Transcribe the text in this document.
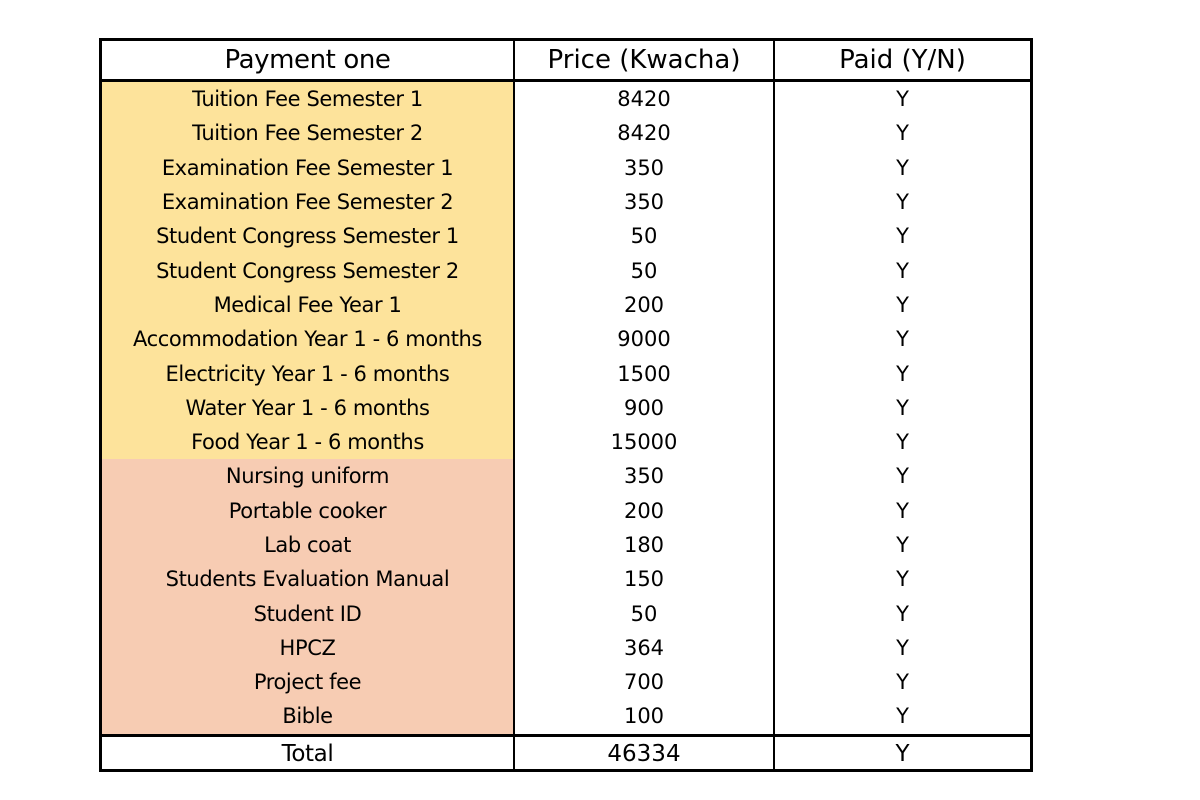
Payment one	Price (Kwacha)	Paid (Y/N)
Tuition Fee Semester 1	8420	Y
Tuition Fee Semester 2	8420	Y
Examination Fee Semester 1	350	Y
Examination Fee Semester 2	350	Y
Student Congress Semester 1	50	Y
Student Congress Semester 2	50	Y
Medical Fee Year 1	200	Y
Accommodation Year 1 - 6 months	9000	Y
Electricity Year 1 - 6 months	1500	Y
Water Year 1 - 6 months	900	Y
Food Year 1 - 6 months	15000	Y
Nursing uniform	350	Y
Portable cooker	200	Y
Lab coat	180	Y
Students Evaluation Manual	150	Y
Student ID	50	Y
HPCZ	364	Y
Project fee	700	Y
Bible	100	Y
Total	46334	Y
